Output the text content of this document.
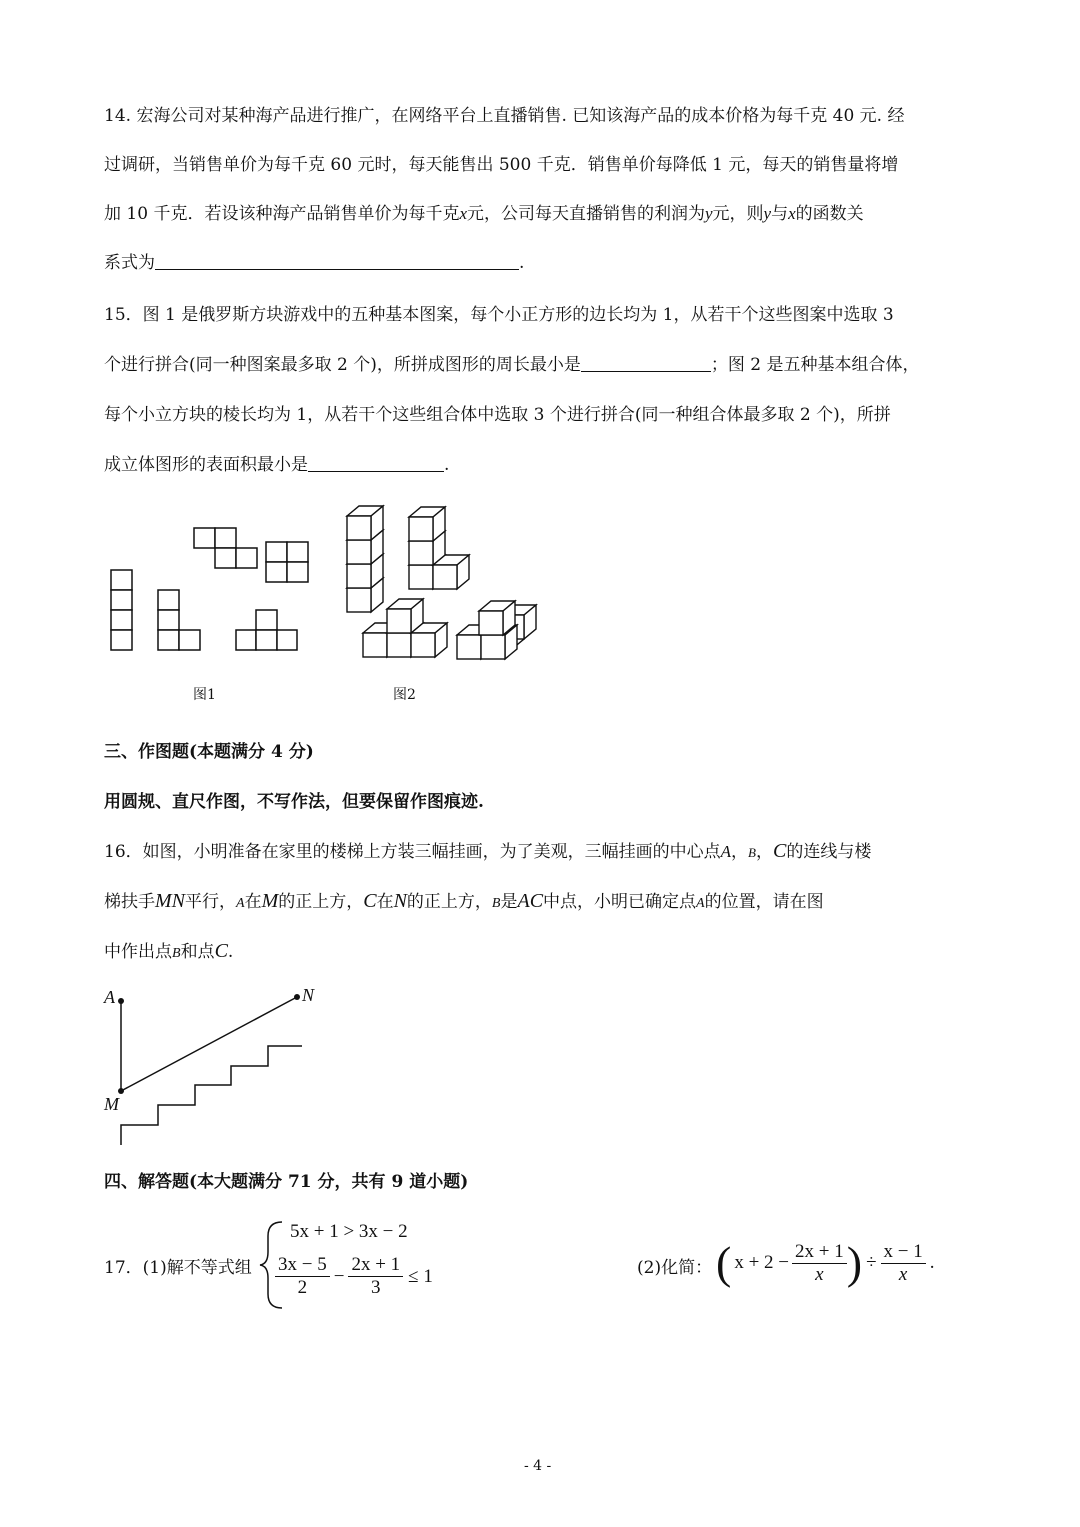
14. 宏海公司对某种海产品进行推广，在网络平台上直播销售. 已知该海产品的成本价格为每千克 40 元. 经
过调研，当销售单价为每千克 60 元时，每天能售出 500 千克．销售单价每降低 1 元，每天的销售量将增
加 10 千克．若设该种海产品销售单价为每千克x元，公司每天直播销售的利润为y元，则y与x的函数关
系式为	.
15．图 1 是俄罗斯方块游戏中的五种基本图案，每个小正方形的边长均为 1，从若干个这些图案中选取 3
个进行拼合(同一种图案最多取 2 个)，所拼成图形的周长最小是	；图 2 是五种基本组合体，
每个小立方块的棱长均为 1，从若干个这些组合体中选取 3 个进行拼合(同一种组合体最多取 2 个)，所拼
成立体图形的表面积最小是	.
图1	图2
三、作图题(本题满分 4 分)
用圆规、直尺作图，不写作法，但要保留作图痕迹.
16．如图，小明准备在家里的楼梯上方装三幅挂画，为了美观，三幅挂画的中心点A，B，C的连线与楼
梯扶手MN平行，A在M的正上方，C在N的正上方，B是AC中点，小明已确定点A的位置，请在图
中作出点B和点C.
A	N
M
四、解答题(本大题满分 71 分，共有 9 道小题)
17．(1)解不等式组
5x + 1 > 3x − 2
$\frac{3x - 5}{2} - \frac{2x + 1}{3} \le 1$	(2)化简： ( $x + 2 - \frac{2x + 1}{x}$ ) ÷ $\frac{x - 1}{x}$ .
- 4 -
